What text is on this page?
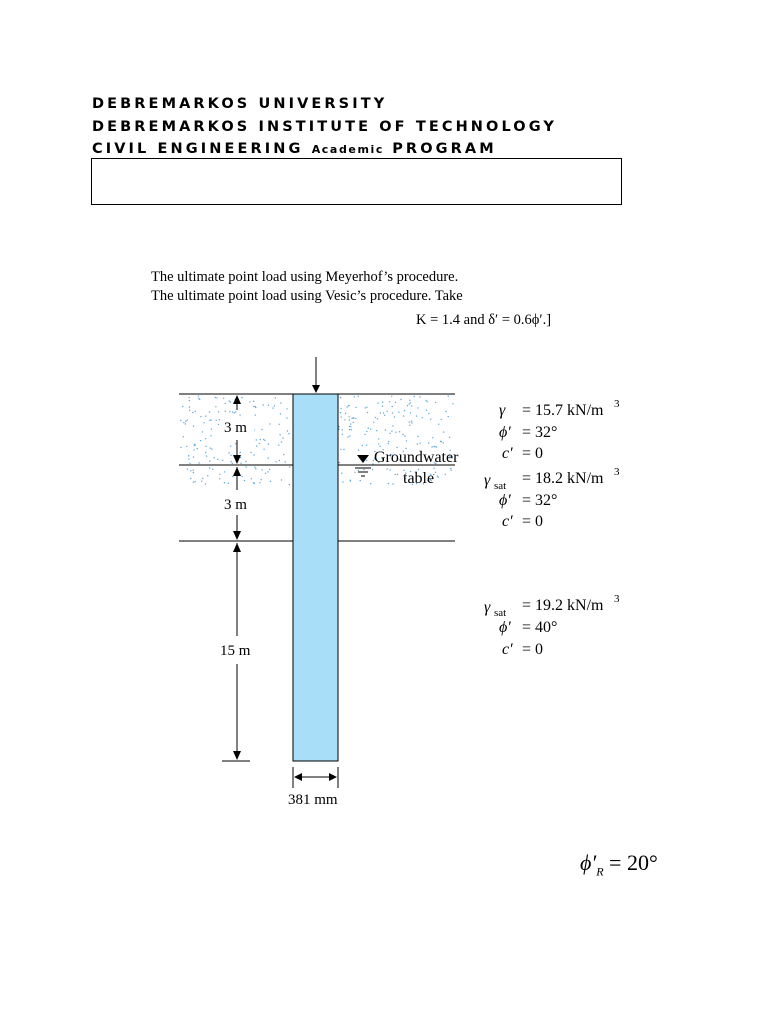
DEBREMARKOS UNIVERSITY
DEBREMARKOS INSTITUTE OF TECHNOLOGY
CIVIL ENGINEERING Academic PROGRAM
The ultimate point load using Meyerhof’s procedure.
The ultimate point load using Vesic’s procedure. Take
K = 1.4 and δ′ = 0.6ϕ′.]
3 m
3 m
15 m
381 mm
Groundwater
table
γ = 15.7 kN/m 3
ϕ′ = 32°
c′ = 0
γ sat = 18.2 kN/m 3
ϕ′ = 32°
c′ = 0
γ sat = 19.2 kN/m 3
ϕ′ = 40°
c′ = 0
$\phi'_R = 20^\circ$
